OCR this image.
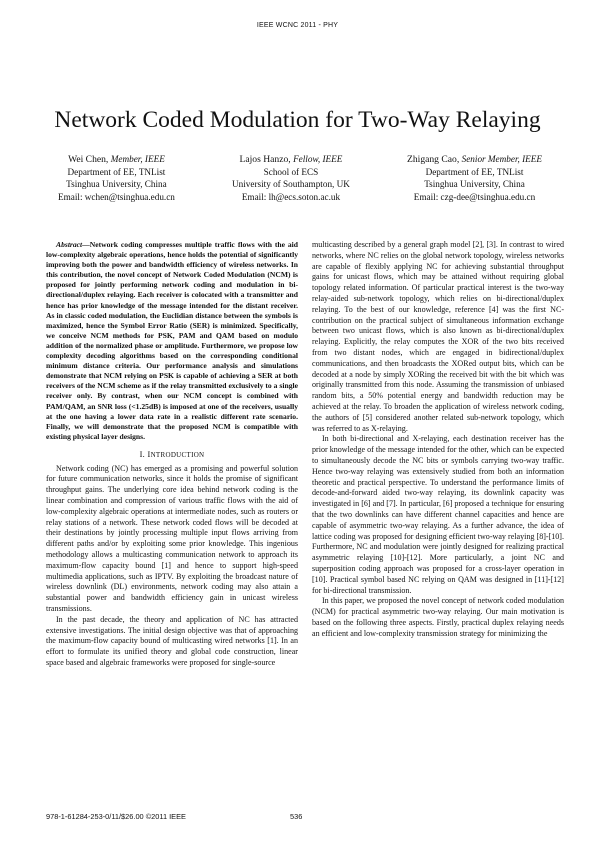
IEEE WCNC 2011 - PHY
Network Coded Modulation for Two-Way Relaying
Wei Chen, Member, IEEE
Department of EE, TNList
Tsinghua University, China
Email: wchen@tsinghua.edu.cn
Lajos Hanzo, Fellow, IEEE
School of ECS
University of Southampton, UK
Email: lh@ecs.soton.ac.uk
Zhigang Cao, Senior Member, IEEE
Department of EE, TNList
Tsinghua University, China
Email: czg-dee@tsinghua.edu.cn

Abstract—Network coding compresses multiple traffic flows with the aid low-complexity algebraic operations, hence holds the potential of significantly improving both the power and bandwidth efficiency of wireless networks. In this contribution, the novel concept of Network Coded Modulation (NCM) is proposed for jointly performing network coding and modulation in bi-directional/duplex relaying. Each receiver is colocated with a transmitter and hence has prior knowledge of the message intended for the distant receiver. As in classic coded modulation, the Euclidian distance between the symbols is maximized, hence the Symbol Error Ratio (SER) is minimized. Specifically, we conceive NCM methods for PSK, PAM and QAM based on modulo addition of the normalized phase or amplitude. Furthermore, we propose low complexity decoding algorithms based on the corresponding conditional minimum distance criteria. Our performance analysis and simulations demonstrate that NCM relying on PSK is capable of achieving a SER at both receivers of the NCM scheme as if the relay transmitted exclusively to a single receiver only. By contrast, when our NCM concept is combined with PAM/QAM, an SNR loss (<1.25dB) is imposed at one of the receivers, usually at the one having a lower data rate in a realistic different rate scenario. Finally, we will demonstrate that the proposed NCM is compatible with existing physical layer designs.

I. INTRODUCTION

Network coding (NC) has emerged as a promising and powerful solution for future communication networks, since it holds the promise of significant throughput gains. The underlying core idea behind network coding is the linear combination and compression of various traffic flows with the aid of low-complexity algebraic operations at intermediate nodes, such as routers or relay stations of a network. These network coded flows will be decoded at their destinations by jointly processing multiple input flows arriving from different paths and/or by exploiting some prior knowledge. This ingenious methodology allows a multicasting communication network to approach its maximum-flow capacity bound [1] and hence to support high-speed multimedia applications, such as IPTV. By exploiting the broadcast nature of wireless downlink (DL) environments, network coding may also attain a substantial power and bandwidth efficiency gain in unicast wireless transmissions.

In the past decade, the theory and application of NC has attracted extensive investigations. The initial design objective was that of approaching the maximum-flow capacity bound of multicasting wired networks [1]. In an effort to formulate its unified theory and global code construction, linear space based and algebraic frameworks were proposed for single-source

multicasting described by a general graph model [2], [3]. In contrast to wired networks, where NC relies on the global network topology, wireless networks are capable of flexibly applying NC for achieving substantial throughput gains for unicast flows, which may be attained without requiring global topology related information. Of particular practical interest is the two-way relay-aided sub-network topology, which relies on bi-directional/duplex relaying. To the best of our knowledge, reference [4] was the first NC-contribution on the practical subject of simultaneous information exchange between two unicast flows, which is also known as bi-directional/duplex relaying. Explicitly, the relay computes the XOR of the two bits received from two distant nodes, which are engaged in bidirectional/duplex communications, and then broadcasts the XORed output bits, which can be decoded at a node by simply XORing the received bit with the bit which was originally transmitted from this node. Assuming the transmission of unbiased random bits, a 50% potential energy and bandwidth reduction may be achieved at the relay. To broaden the application of wireless network coding, the authors of [5] considered another related sub-network topology, which was referred to as X-relaying.

In both bi-directional and X-relaying, each destination receiver has the prior knowledge of the message intended for the other, which can be expected to simultaneously decode the NC bits or symbols carrying two-way traffic. Hence two-way relaying was extensively studied from both an information theoretic and practical perspective. To understand the performance limits of decode-and-forward aided two-way relaying, its downlink capacity was investigated in [6] and [7]. In particular, [6] proposed a technique for ensuring that the two downlinks can have different channel capacities and hence are capable of asymmetric two-way relaying. As a further advance, the idea of lattice coding was proposed for designing efficient two-way relaying [8]-[10]. Furthermore, NC and modulation were jointly designed for realizing practical asymmetric relaying [10]-[12]. More particularly, a joint NC and superposition coding approach was proposed for a cross-layer operation in [10]. Practical symbol based NC relying on QAM was designed in [11]-[12] for bi-directional transmission.

In this paper, we proposed the novel concept of network coded modulation (NCM) for practical asymmetric two-way relaying. Our main motivation is based on the following three aspects. Firstly, practical duplex relaying needs an efficient and low-complexity transmission strategy for minimizing the

978-1-61284-253-0/11/$26.00 ©2011 IEEE	536
